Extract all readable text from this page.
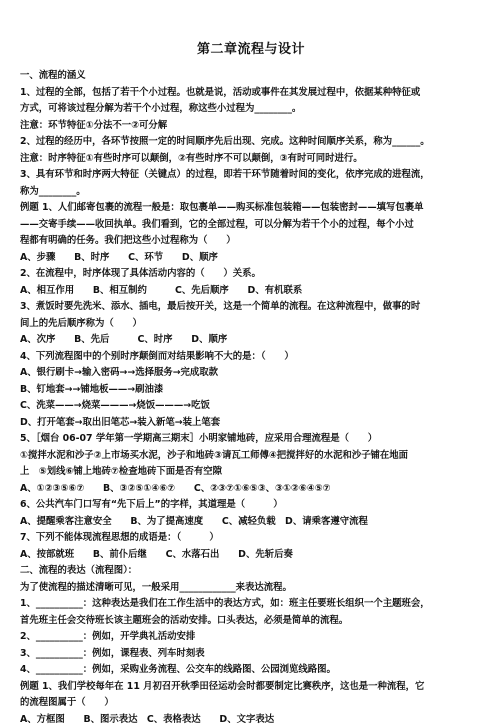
第二章流程与设计
一、流程的涵义
1、过程的全部，包括了若干个小过程。也就是说，活动或事件在其发展过程中，依据某种特征或
方式，可将该过程分解为若干个小过程，称这些小过程为________。
注意：环节特征①分法不一②可分解
2、过程的经历中，各环节按照一定的时间顺序先后出现、完成。这种时间顺序关系，称为______。
注意：时序特征①有些时序可以颠倒，②有些时序不可以颠倒，③有时可同时进行。
3、具有环节和时序两大特征（关键点）的过程，即若干环节随着时间的变化，依序完成的进程流，
称为________。
例题 1、人们邮寄包裹的流程一般是：取包裹单——购买标准包装箱——包装密封——填写包裹单
——交寄手续——收回执单。我们看到，它的全部过程，可以分解为若干个小的过程，每个小过
程都有明确的任务。我们把这些小过程称为（　　）
A、步骤　　B、时序　　C、环节　　D、顺序
2、在流程中，时序体现了具体活动内容的（　　）关系。
A、相互作用　　B、相互制约　　　C、先后顺序　　D、有机联系
3、煮饭时要先洗米、添水、插电，最后按开关，这是一个简单的流程。在这种流程中，做事的时
间上的先后顺序称为（　　）
A、次序　　B、先后　　　C、时序　　D、顺序
4、下列流程图中的个别时序颠倒而对结果影响不大的是：（　　）
A、银行刷卡→输入密码→→选择服务→完成取款
B、钉地套→→铺地板——→刷油漆
C、洗菜——→烧菜———→烧饭———→吃饭
D、打开笔套→取出旧笔芯→装入新笔→装上笔套
5、［烟台 06-07 学年第一学期高三期末］小明家铺地砖，应采用合理流程是（　　）
①搅拌水泥和沙子②上市场买水泥，沙子和地砖③请瓦工师傅④把搅拌好的水泥和沙子铺在地面
上　⑤划线⑥铺上地砖⑦检查地砖下面是否有空隙
A、①②③⑤⑥⑦　　B、③②⑤①④⑥⑦　　C、②③⑦①⑥⑤③、③①②⑥④⑤⑦
6、公共汽车门口写有“先下后上”的字样，其道理是（　　　）
A、提醒乘客注意安全　　B、为了提高速度　　C、减轻负载　D、请乘客遵守流程
7、下列不能体现流程思想的成语是：（　　　）
A、按部就班　　B、前仆后继　　C、水落石出　　D、先斩后奏
二、流程的表达（流程图）：
为了使流程的描述清晰可见，一般采用____________来表达流程。
1、__________：这种表达是我们在工作生活中的表达方式，如：班主任要班长组织一个主题班会，
首先班主任会交待班长该主题班会的活动安排。口头表达，必须是简单的流程。
2、__________：例如，开学典礼活动安排
3、__________：例如，课程表、列车时刻表
4、__________：例如，采购业务流程、公交车的线路图、公园浏览线路图。
例题 1、我们学校每年在 11 月初召开秋季田径运动会时都要制定比赛秩序，这也是一种流程，它
的流程图属于（　　）
A、方框图　　B、图示表达　C、表格表达　　D、文字表达
